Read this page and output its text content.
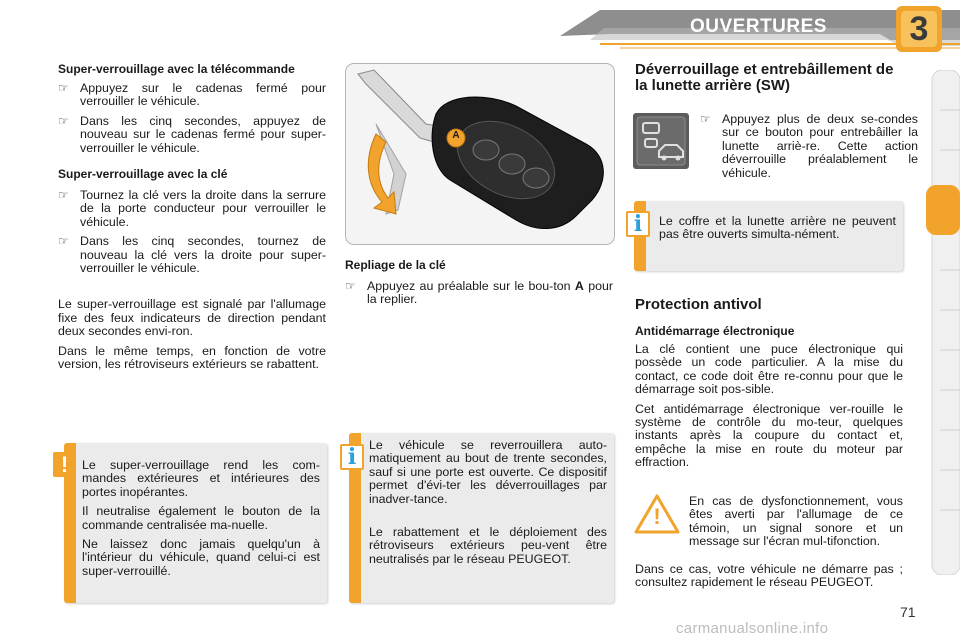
OUVERTURES	3
Super-verrouillage avec la télécommande
☞ Appuyez sur le cadenas fermé pour verrouiller le véhicule.
☞ Dans les cinq secondes, appuyez de nouveau sur le cadenas fermé pour super-verrouiller le véhicule.
Super-verrouillage avec la clé
☞ Tournez la clé vers la droite dans la serrure de la porte conducteur pour verrouiller le véhicule.
☞ Dans les cinq secondes, tournez de nouveau la clé vers la droite pour super-verrouiller le véhicule.

Le super-verrouillage est signalé par l'allumage fixe des feux indicateurs de direction pendant deux secondes envi-ron.

Dans le même temps, en fonction de votre version, les rétroviseurs extérieurs se rabattent.

Le super-verrouillage rend les com-mandes extérieures et intérieures des portes inopérantes.

Il neutralise également le bouton de la commande centralisée ma-nuelle.

Ne laissez donc jamais quelqu'un à l'intérieur du véhicule, quand celui-ci est super-verrouillé.

!
A
Repliage de la clé
☞ Appuyez au préalable sur le bou-ton A pour la replier.

Le véhicule se reverrouillera auto-matiquement au bout de trente secondes, sauf si une porte est ouverte. Ce dispositif permet d'évi-ter les déverrouillages par inadver-tance.

Le rabattement et le déploiement des rétroviseurs extérieurs peu-vent être neutralisés par le réseau PEUGEOT.

i
Déverrouillage et entrebâillement de la lunette arrière (SW)
☞ Appuyez plus de deux se-condes sur ce bouton pour entrebâiller la lunette arriè-re. Cette action déverrouille préalablement le véhicule.

Le coffre et la lunette arrière ne peuvent pas être ouverts simulta-nément.

i
Protection antivol
Antidémarrage électronique

La clé contient une puce électronique qui possède un code particulier. A la mise du contact, ce code doit être re-connu pour que le démarrage soit pos-sible.

Cet antidémarrage électronique ver-rouille le système de contrôle du mo-teur, quelques instants après la coupure du contact et, empêche la mise en route du moteur par effraction.

!

En cas de dysfonctionnement, vous êtes averti par l'allumage de ce témoin, un signal sonore et un message sur l'écran mul-tifonction.

Dans ce cas, votre véhicule ne démarre pas ; consultez rapidement le réseau PEUGEOT.

71
carmanualsonline.info
